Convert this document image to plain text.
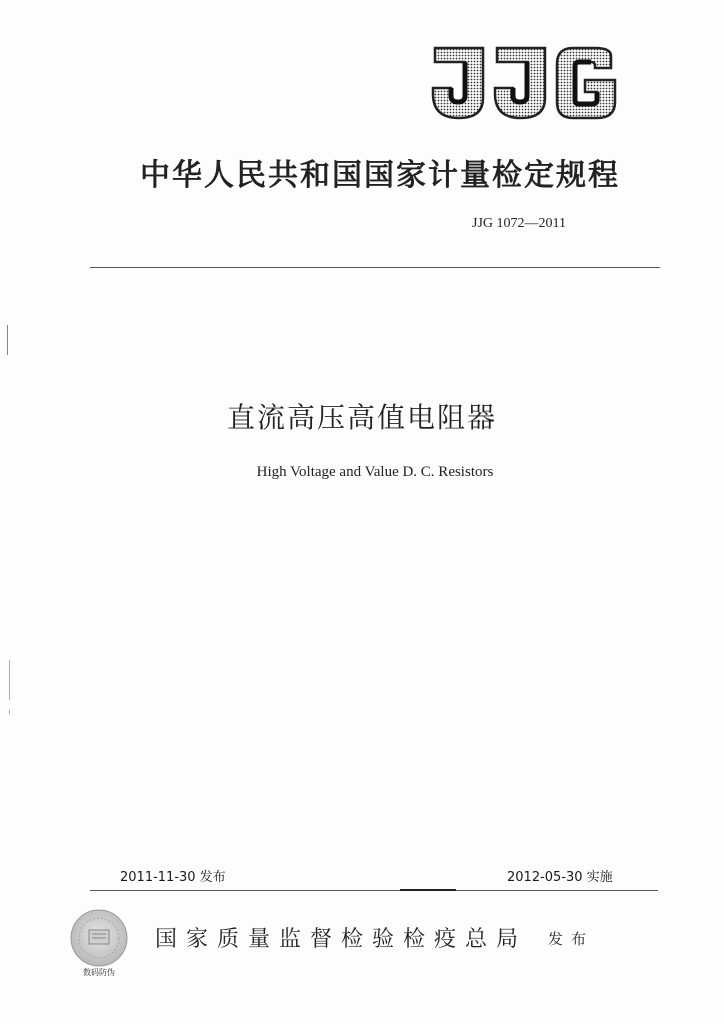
中华人民共和国国家计量检定规程
JJG 1072—2011
直流高压高值电阻器
High Voltage and Value D. C. Resistors
2011-11-30 发布	2012-05-30 实施
数码防伪
国家质量监督检验检疫总局 发布
